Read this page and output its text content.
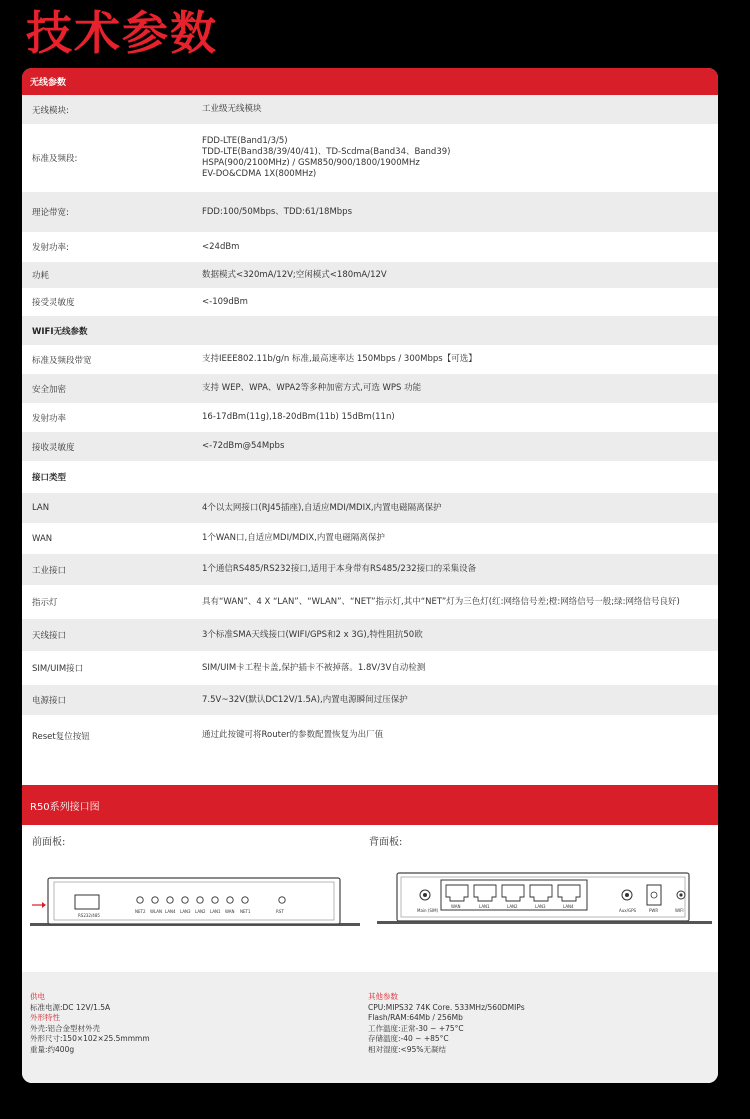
技术参数
无线参数
无线模块:	工业级无线模块
标准及频段:
FDD-LTE(Band1/3/5)
TDD-LTE(Band38/39/40/41)、TD-Scdma(Band34、Band39)
HSPA(900/2100MHz) / GSM850/900/1800/1900MHz
EV-DO&CDMA 1X(800MHz)
理论带宽:	FDD:100/50Mbps、TDD:61/18Mbps
发射功率:	<24dBm
功耗	数据模式<320mA/12V;空闲模式<180mA/12V
接受灵敏度	<-109dBm
WIFI无线参数
标准及频段带宽	支持IEEE802.11b/g/n 标准,最高速率达 150Mbps / 300Mbps【可选】
安全加密	支持 WEP、WPA、WPA2等多种加密方式,可选 WPS 功能
发射功率	16-17dBm(11g),18-20dBm(11b) 15dBm(11n)
接收灵敏度	<-72dBm@54Mpbs
接口类型
LAN	4个以太网接口(RJ45插座),自适应MDI/MDIX,内置电磁隔离保护
WAN	1个WAN口,自适应MDI/MDIX,内置电磁隔离保护
工业接口	1个通信RS485/RS232接口,适用于本身带有RS485/232接口的采集设备
指示灯	具有“WAN”、4 X “LAN”、“WLAN”、“NET”指示灯,其中“NET”灯为三色灯(红:网络信号差;橙:网络信号一般;绿:网络信号良好)
天线接口	3个标准SMA天线接口(WIFI/GPS和2 x 3G),特性阻抗50欧
SIM/UIM接口	SIM/UIM卡工程卡盖,保护插卡不被掉落。1.8V/3V自动检测
电源接口	7.5V~32V(默认DC12V/1.5A),内置电源瞬间过压保护
Reset复位按钮	通过此按键可将Router的参数配置恢复为出厂值
R50系列接口图
前面板:	背面板:
RS232/485
NET2 WLAN LAN4 LAN3 LAN2 LAN1 WAN NET1	RST	Main (SIM)
WAN	LAN1	LAN2	LAN3	LAN4
Aux/GPS	PWR	WIFI
供电
标准电源:DC 12V/1.5A
外形特性
外壳:铝合金型材外壳
外形尺寸:150×102×25.5mmmm
重量:约400g
其他参数
CPU:MIPS32 74K Core. 533MHz/560DMIPs
Flash/RAM:64Mb / 256Mb
工作温度:正常-30 ~ +75°C
存储温度:-40 ~ +85°C
相对湿度:<95%无凝结
